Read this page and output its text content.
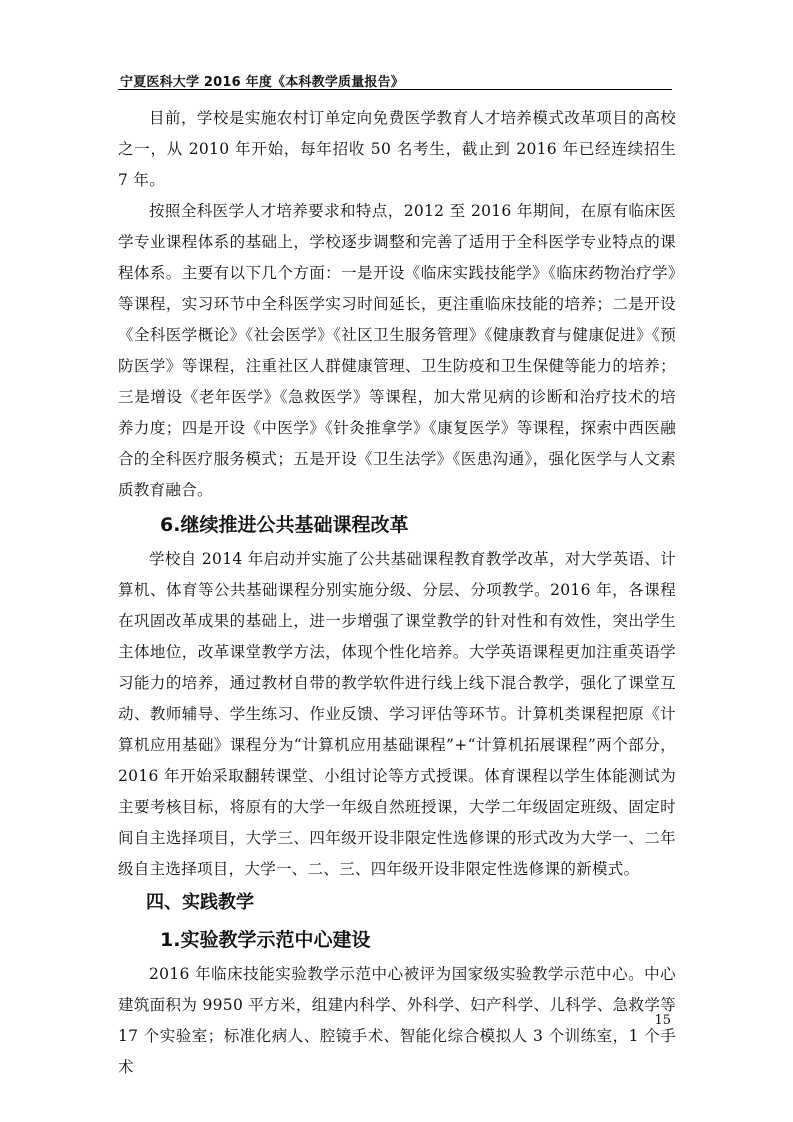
宁夏医科大学 2016 年度《本科教学质量报告》

目前，学校是实施农村订单定向免费医学教育人才培养模式改革项目的高校之一，从 2010 年开始，每年招收 50 名考生，截止到 2016 年已经连续招生 7 年。

按照全科医学人才培养要求和特点，2012 至 2016 年期间，在原有临床医学专业课程体系的基础上，学校逐步调整和完善了适用于全科医学专业特点的课程体系。主要有以下几个方面：一是开设《临床实践技能学》《临床药物治疗学》等课程，实习环节中全科医学实习时间延长，更注重临床技能的培养；二是开设《全科医学概论》《社会医学》《社区卫生服务管理》《健康教育与健康促进》《预防医学》等课程，注重社区人群健康管理、卫生防疫和卫生保健等能力的培养；三是增设《老年医学》《急救医学》等课程，加大常见病的诊断和治疗技术的培养力度；四是开设《中医学》《针灸推拿学》《康复医学》等课程，探索中西医融合的全科医疗服务模式；五是开设《卫生法学》《医患沟通》，强化医学与人文素质教育融合。

6.继续推进公共基础课程改革

学校自 2014 年启动并实施了公共基础课程教育教学改革，对大学英语、计算机、体育等公共基础课程分别实施分级、分层、分项教学。2016 年，各课程在巩固改革成果的基础上，进一步增强了课堂教学的针对性和有效性，突出学生主体地位，改革课堂教学方法，体现个性化培养。大学英语课程更加注重英语学习能力的培养，通过教材自带的教学软件进行线上线下混合教学，强化了课堂互动、教师辅导、学生练习、作业反馈、学习评估等环节。计算机类课程把原《计算机应用基础》课程分为“计算机应用基础课程”+“计算机拓展课程”两个部分，2016 年开始采取翻转课堂、小组讨论等方式授课。体育课程以学生体能测试为主要考核目标，将原有的大学一年级自然班授课，大学二年级固定班级、固定时间自主选择项目，大学三、四年级开设非限定性选修课的形式改为大学一、二年级自主选择项目，大学一、二、三、四年级开设非限定性选修课的新模式。

四、实践教学
1.实验教学示范中心建设

2016 年临床技能实验教学示范中心被评为国家级实验教学示范中心。中心建筑面积为 9950 平方米，组建内科学、外科学、妇产科学、儿科学、急救学等 17 个实验室；标准化病人、腔镜手术、智能化综合模拟人 3 个训练室，1 个手术

15
